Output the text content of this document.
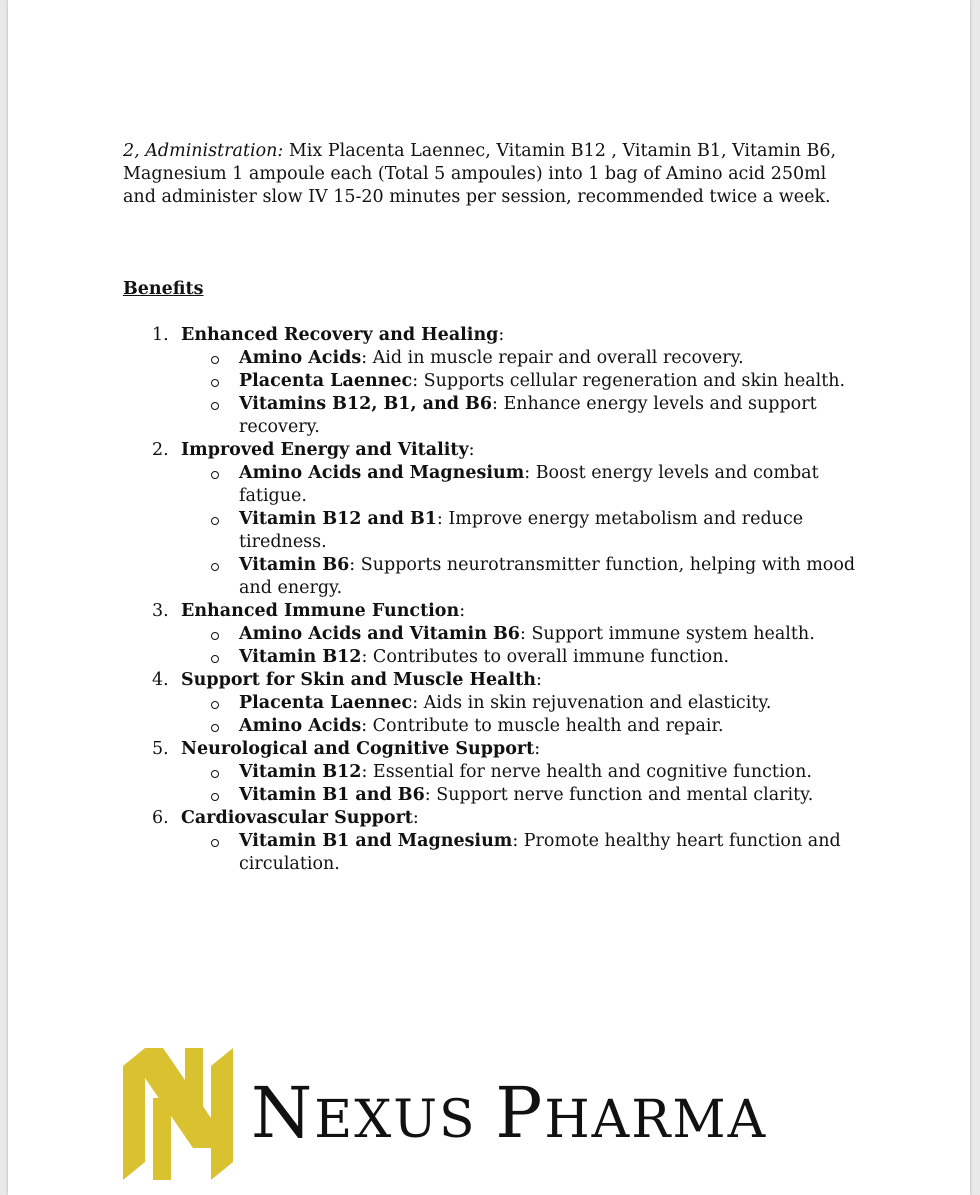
2, Administration: Mix Placenta Laennec, Vitamin B12 , Vitamin B1, Vitamin B6, Magnesium 1 ampoule each (Total 5 ampoules) into 1 bag of Amino acid 250ml and administer slow IV 15-20 minutes per session, recommended twice a week.

Benefits
1. Enhanced Recovery and Healing:
Amino Acids: Aid in muscle repair and overall recovery.
Placenta Laennec: Supports cellular regeneration and skin health.
Vitamins B12, B1, and B6: Enhance energy levels and support recovery.
2. Improved Energy and Vitality:
Amino Acids and Magnesium: Boost energy levels and combat fatigue.
Vitamin B12 and B1: Improve energy metabolism and reduce tiredness.
Vitamin B6: Supports neurotransmitter function, helping with mood and energy.
3. Enhanced Immune Function:
Amino Acids and Vitamin B6: Support immune system health.
Vitamin B12: Contributes to overall immune function.
4. Support for Skin and Muscle Health:
Placenta Laennec: Aids in skin rejuvenation and elasticity.
Amino Acids: Contribute to muscle health and repair.
5. Neurological and Cognitive Support:
Vitamin B12: Essential for nerve health and cognitive function.
Vitamin B1 and B6: Support nerve function and mental clarity.
6. Cardiovascular Support:
Vitamin B1 and Magnesium: Promote healthy heart function and circulation.
NEXUS PHARMA
